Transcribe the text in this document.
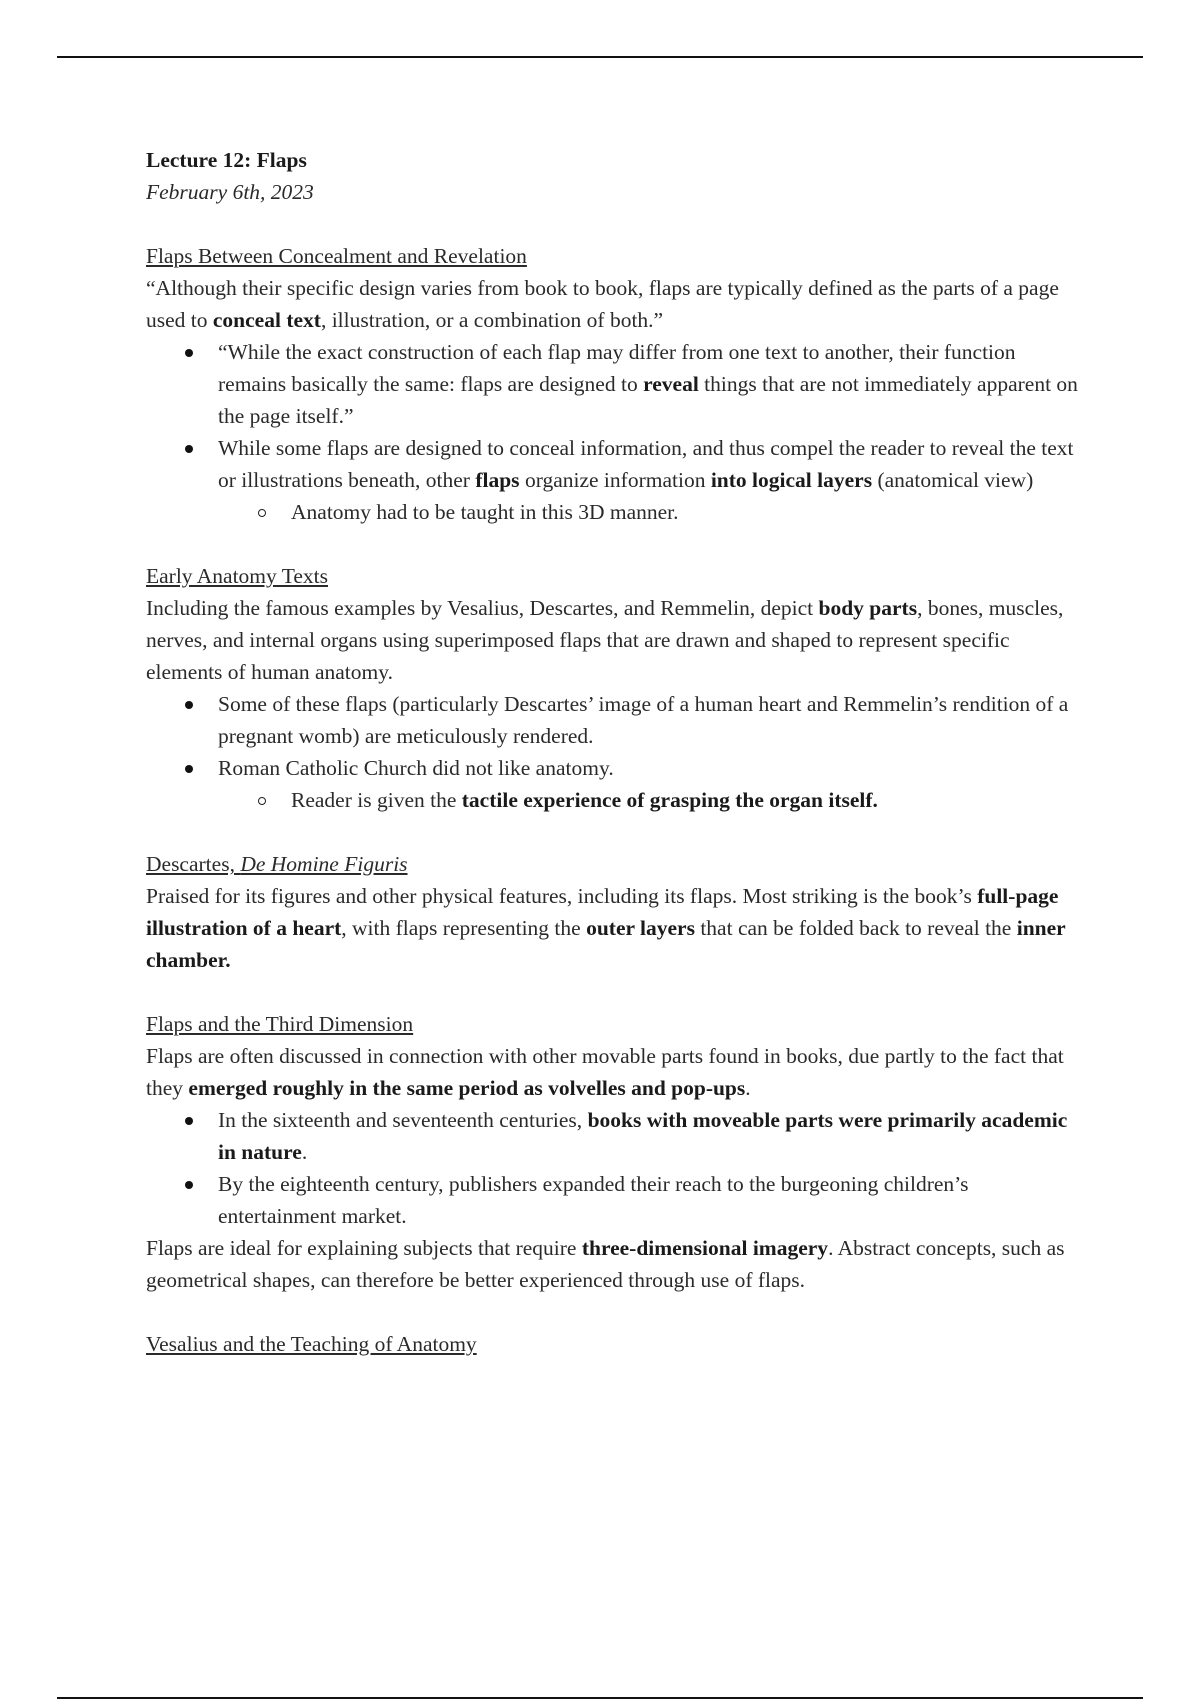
Lecture 12: Flaps

February 6th, 2023

Flaps Between Concealment and Revelation

“Although their specific design varies from book to book, flaps are typically defined as the parts of a page used to conceal text, illustration, or a combination of both.”

“While the exact construction of each flap may differ from one text to another, their function remains basically the same: flaps are designed to reveal things that are not immediately apparent on the page itself.”
While some flaps are designed to conceal information, and thus compel the reader to reveal the text or illustrations beneath, other flaps organize information into logical layers (anatomical view)
Anatomy had to be taught in this 3D manner.

Early Anatomy Texts

Including the famous examples by Vesalius, Descartes, and Remmelin, depict body parts, bones, muscles, nerves, and internal organs using superimposed flaps that are drawn and shaped to represent specific elements of human anatomy.

Some of these flaps (particularly Descartes’ image of a human heart and Remmelin’s rendition of a pregnant womb) are meticulously rendered.
Roman Catholic Church did not like anatomy.
Reader is given the tactile experience of grasping the organ itself.

Descartes, De Homine Figuris

Praised for its figures and other physical features, including its flaps. Most striking is the book’s full-page illustration of a heart, with flaps representing the outer layers that can be folded back to reveal the inner chamber.

Flaps and the Third Dimension

Flaps are often discussed in connection with other movable parts found in books, due partly to the fact that they emerged roughly in the same period as volvelles and pop-ups.

In the sixteenth and seventeenth centuries, books with moveable parts were primarily academic in nature.
By the eighteenth century, publishers expanded their reach to the burgeoning children’s entertainment market.

Flaps are ideal for explaining subjects that require three-dimensional imagery. Abstract concepts, such as geometrical shapes, can therefore be better experienced through use of flaps.

Vesalius and the Teaching of Anatomy
